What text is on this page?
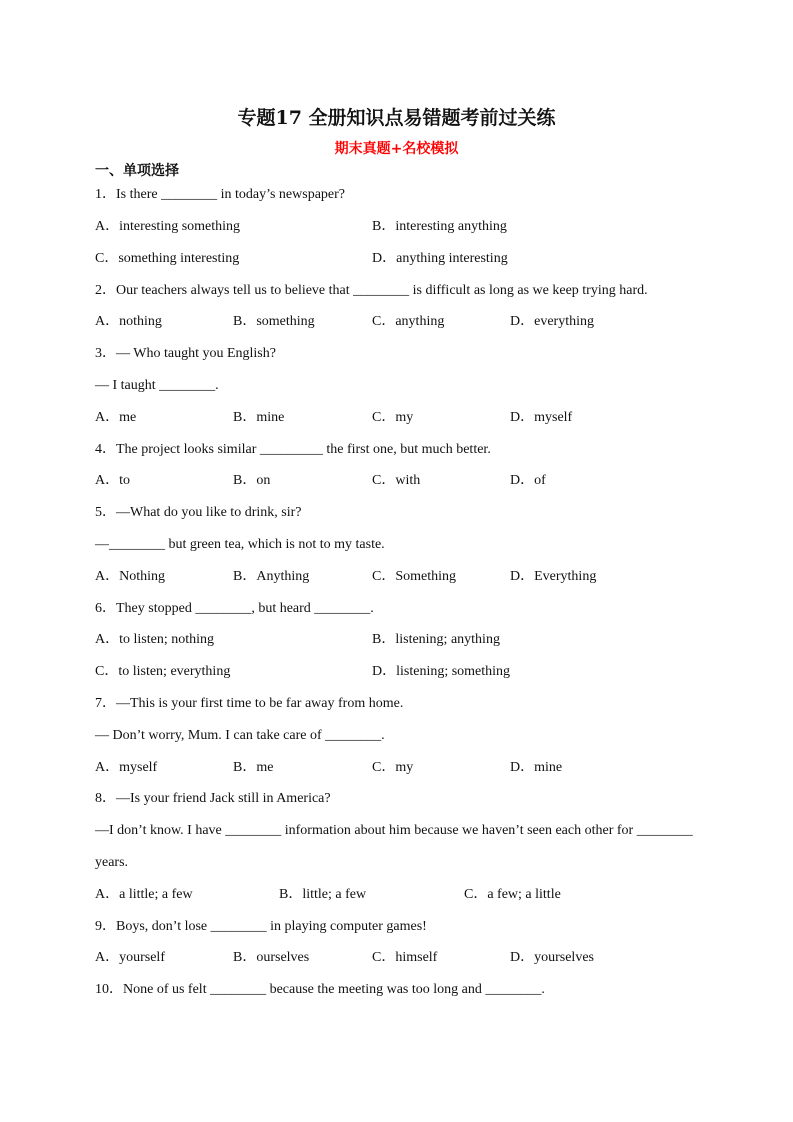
专题17 全册知识点易错题考前过关练
期末真题+名校模拟
一、单项选择
1．Is there ________ in today’s newspaper?
A．interesting something	B．interesting anything
C．something interesting	D．anything interesting
2．Our teachers always tell us to believe that ________ is difficult as long as we keep trying hard.
A．nothing	B．something	C．anything	D．everything
3．— Who taught you English?
— I taught ________.
A．me	B．mine	C．my	D．myself
4．The project looks similar _________ the first one, but much better.
A．to	B．on	C．with	D．of
5．—What do you like to drink, sir?
—________ but green tea, which is not to my taste.
A．Nothing	B．Anything	C．Something	D．Everything
6．They stopped ________, but heard ________.
A．to listen; nothing	B．listening; anything
C．to listen; everything	D．listening; something
7．—This is your first time to be far away from home.
— Don’t worry, Mum. I can take care of ________.
A．myself	B．me	C．my	D．mine
8．—Is your friend Jack still in America?
—I don’t know. I have ________ information about him because we haven’t seen each other for ________
years.
A．a little; a few	B．little; a few	C．a few; a little
9．Boys, don’t lose ________ in playing computer games!
A．yourself	B．ourselves	C．himself	D．yourselves
10．None of us felt ________ because the meeting was too long and ________.
